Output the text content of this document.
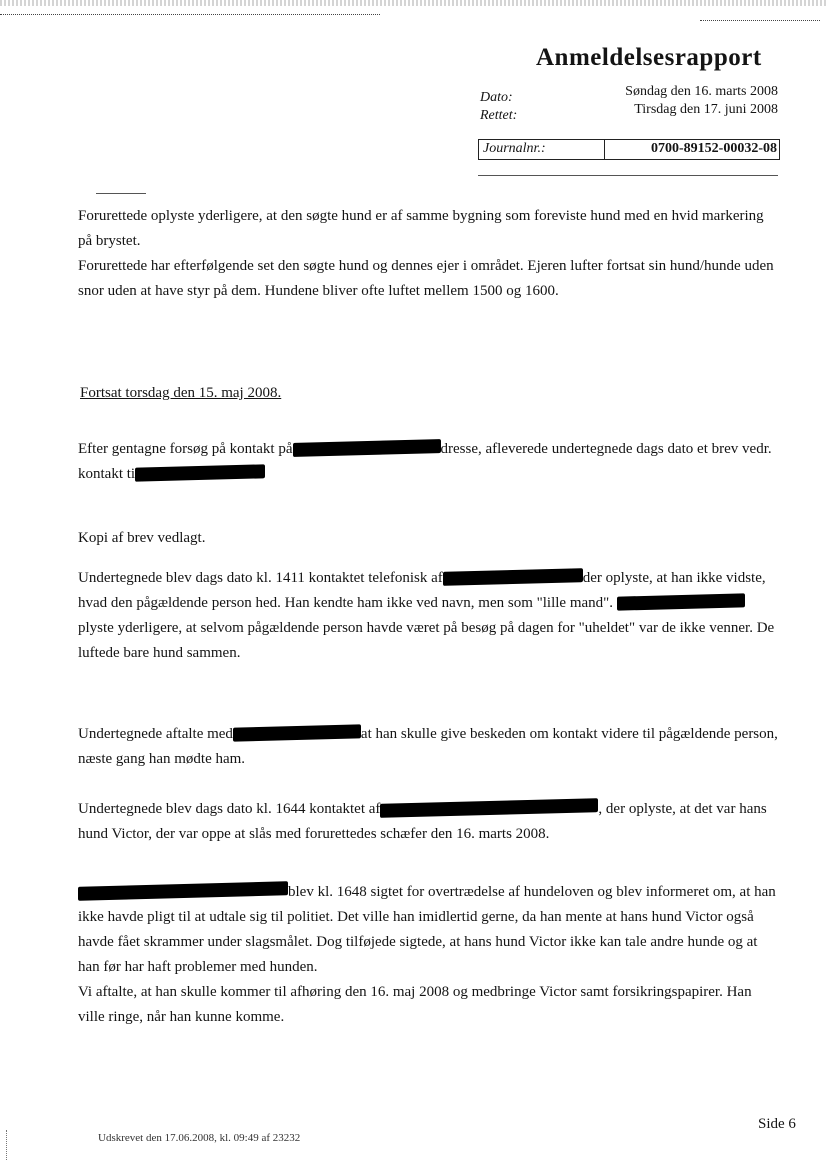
Anmeldelsesrapport
Dato:	Søndag den 16. marts 2008
Rettet:	Tirsdag den 17. juni 2008
Journalnr.:	0700-89152-00032-08

Forurettede oplyste yderligere, at den søgte hund er af samme bygning som foreviste hund med en hvid markering på brystet.

Forurettede har efterfølgende set den søgte hund og dennes ejer i området. Ejeren lufter fortsat sin hund/hunde uden snor uden at have styr på dem. Hundene bliver ofte luftet mellem 1500 og 1600.

Fortsat torsdag den 15. maj 2008.

Efter gentagne forsøg på kontakt på	dresse, afleverede undertegnede dags dato et brev vedr. kontakt ti

Kopi af brev vedlagt.

Undertegnede blev dags dato kl. 1411 kontaktet telefonisk af	der oplyste, at han ikke vidste, hvad den pågældende person hed. Han kendte ham ikke ved navn, men som "lille mand". plyste yderligere, at selvom pågældende person havde været på besøg på dagen for "uheldet" var de ikke venner. De luftede bare hund sammen.

Undertegnede aftalte med	at han skulle give beskeden om kontakt videre til pågældende person, næste gang han mødte ham.

Undertegnede blev dags dato kl. 1644 kontaktet af	, der oplyste, at det var hans hund Victor, der var oppe at slås med forurettedes schæfer den 16. marts 2008.

blev kl. 1648 sigtet for overtrædelse af hundeloven og blev informeret om, at han ikke havde pligt til at udtale sig til politiet. Det ville han imidlertid gerne, da han mente at hans hund Victor også havde fået skrammer under slagsmålet. Dog tilføjede sigtede, at hans hund Victor ikke kan tale andre hunde og at han før har haft problemer med hunden.

Vi aftalte, at han skulle kommer til afhøring den 16. maj 2008 og medbringe Victor samt forsikringspapirer. Han ville ringe, når han kunne komme.

Side 6
Udskrevet den 17.06.2008, kl. 09:49 af 23232
